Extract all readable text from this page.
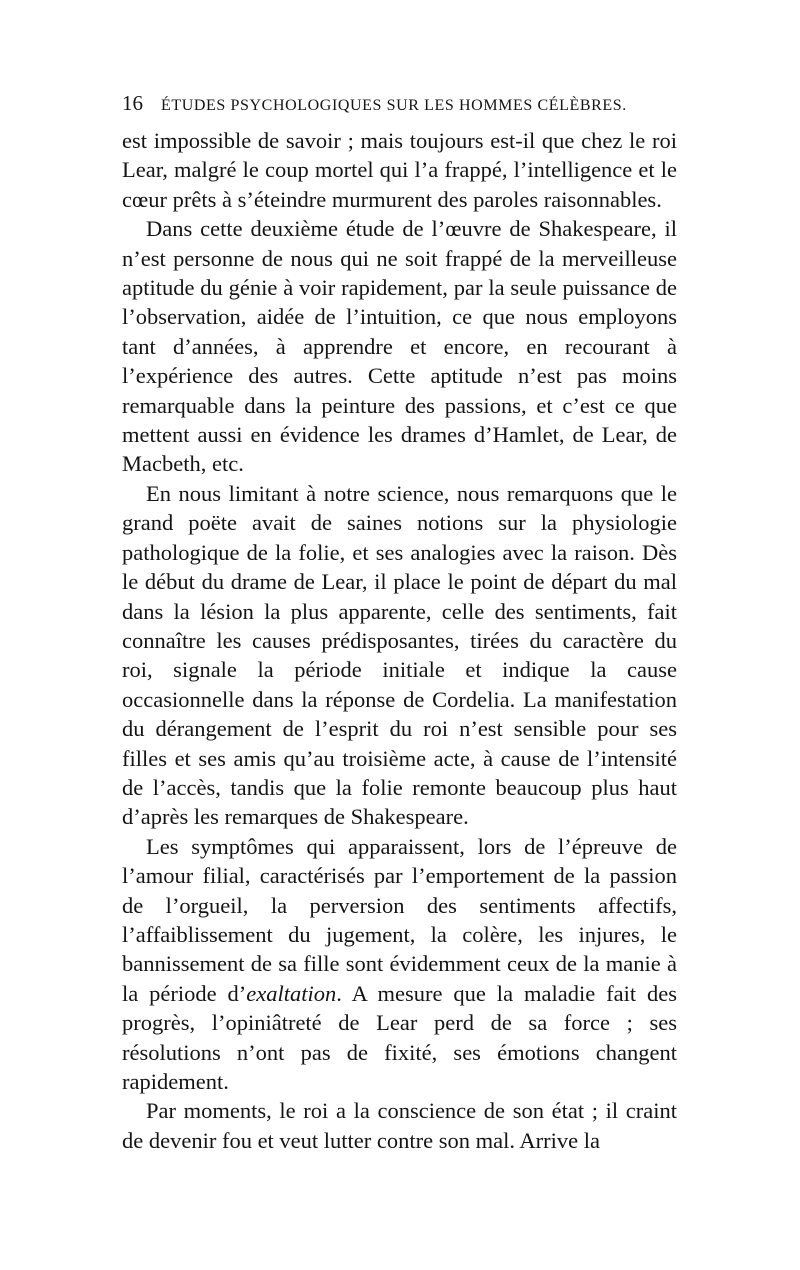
16 ÉTUDES PSYCHOLOGIQUES SUR LES HOMMES CÉLÈBRES.

est impossible de savoir ; mais toujours est-il que chez le roi Lear, malgré le coup mortel qui l’a frappé, l’intelligence et le cœur prêts à s’éteindre murmurent des paroles raisonnables.

Dans cette deuxième étude de l’œuvre de Shakespeare, il n’est personne de nous qui ne soit frappé de la merveilleuse aptitude du génie à voir rapidement, par la seule puissance de l’observation, aidée de l’intuition, ce que nous employons tant d’années, à apprendre et encore, en recourant à l’expérience des autres. Cette aptitude n’est pas moins remarquable dans la peinture des passions, et c’est ce que mettent aussi en évidence les drames d’Hamlet, de Lear, de Macbeth, etc.

En nous limitant à notre science, nous remarquons que le grand poëte avait de saines notions sur la physiologie pathologique de la folie, et ses analogies avec la raison. Dès le début du drame de Lear, il place le point de départ du mal dans la lésion la plus apparente, celle des sentiments, fait connaître les causes prédisposantes, tirées du caractère du roi, signale la période initiale et indique la cause occasionnelle dans la réponse de Cordelia. La manifestation du dérangement de l’esprit du roi n’est sensible pour ses filles et ses amis qu’au troisième acte, à cause de l’intensité de l’accès, tandis que la folie remonte beaucoup plus haut d’après les remarques de Shakespeare.

Les symptômes qui apparaissent, lors de l’épreuve de l’amour filial, caractérisés par l’emportement de la passion de l’orgueil, la perversion des sentiments affectifs, l’affaiblissement du jugement, la colère, les injures, le bannissement de sa fille sont évidemment ceux de la manie à la période d’exaltation. A mesure que la maladie fait des progrès, l’opiniâtreté de Lear perd de sa force ; ses résolutions n’ont pas de fixité, ses émotions changent rapidement.

Par moments, le roi a la conscience de son état ; il craint de devenir fou et veut lutter contre son mal. Arrive la
